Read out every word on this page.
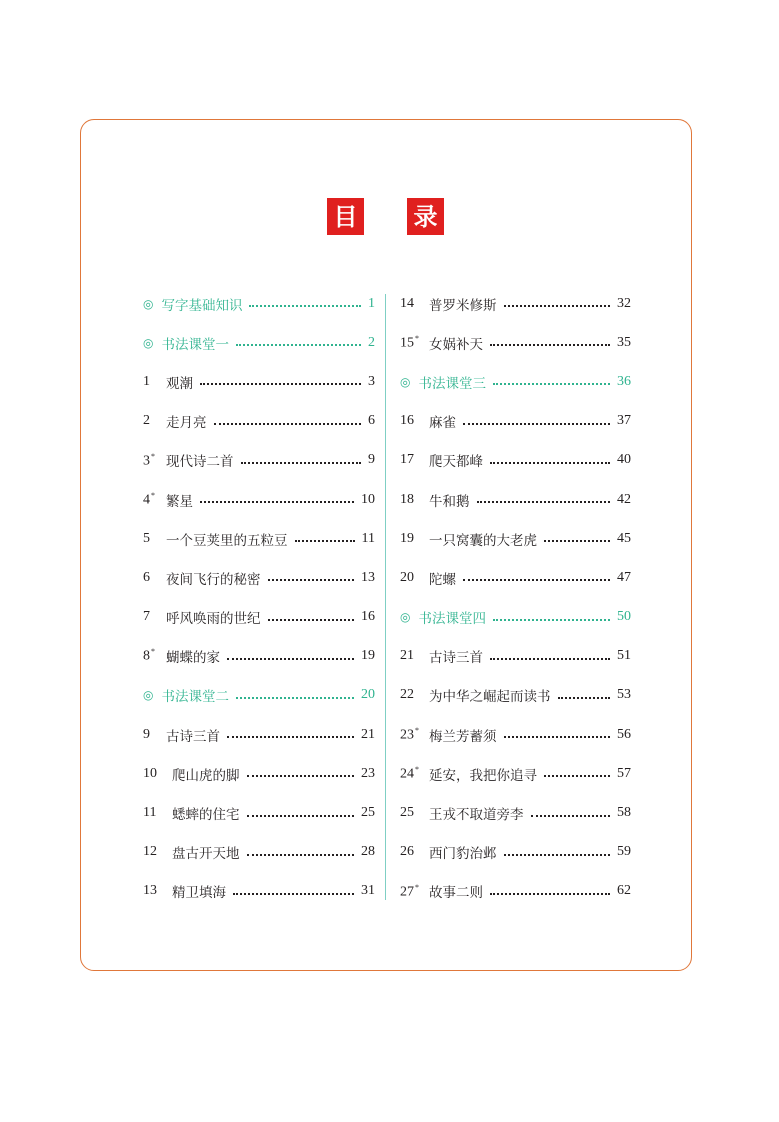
目 录
◎ 写字基础知识	1
◎ 书法课堂一	2
1	观潮	3
2	走月亮	6
3* 现代诗二首	9
4* 繁星	10
5	一个豆荚里的五粒豆	11
6	夜间飞行的秘密	13
7	呼风唤雨的世纪	16
8* 蝴蝶的家	19
◎ 书法课堂二	20
9	古诗三首	21
10	爬山虎的脚	23
11	蟋蟀的住宅	25
12	盘古开天地	28
13	精卫填海	31
14	普罗米修斯	32
15* 女娲补天	35
◎ 书法课堂三	36
16	麻雀	37
17	爬天都峰	40
18	牛和鹅	42
19	一只窝囊的大老虎	45
20	陀螺	47
◎ 书法课堂四	50
21	古诗三首	51
22	为中华之崛起而读书	53
23* 梅兰芳蓄须	56
24* 延安，我把你追寻	57
25	王戎不取道旁李	58
26	西门豹治邺	59
27* 故事二则	62
